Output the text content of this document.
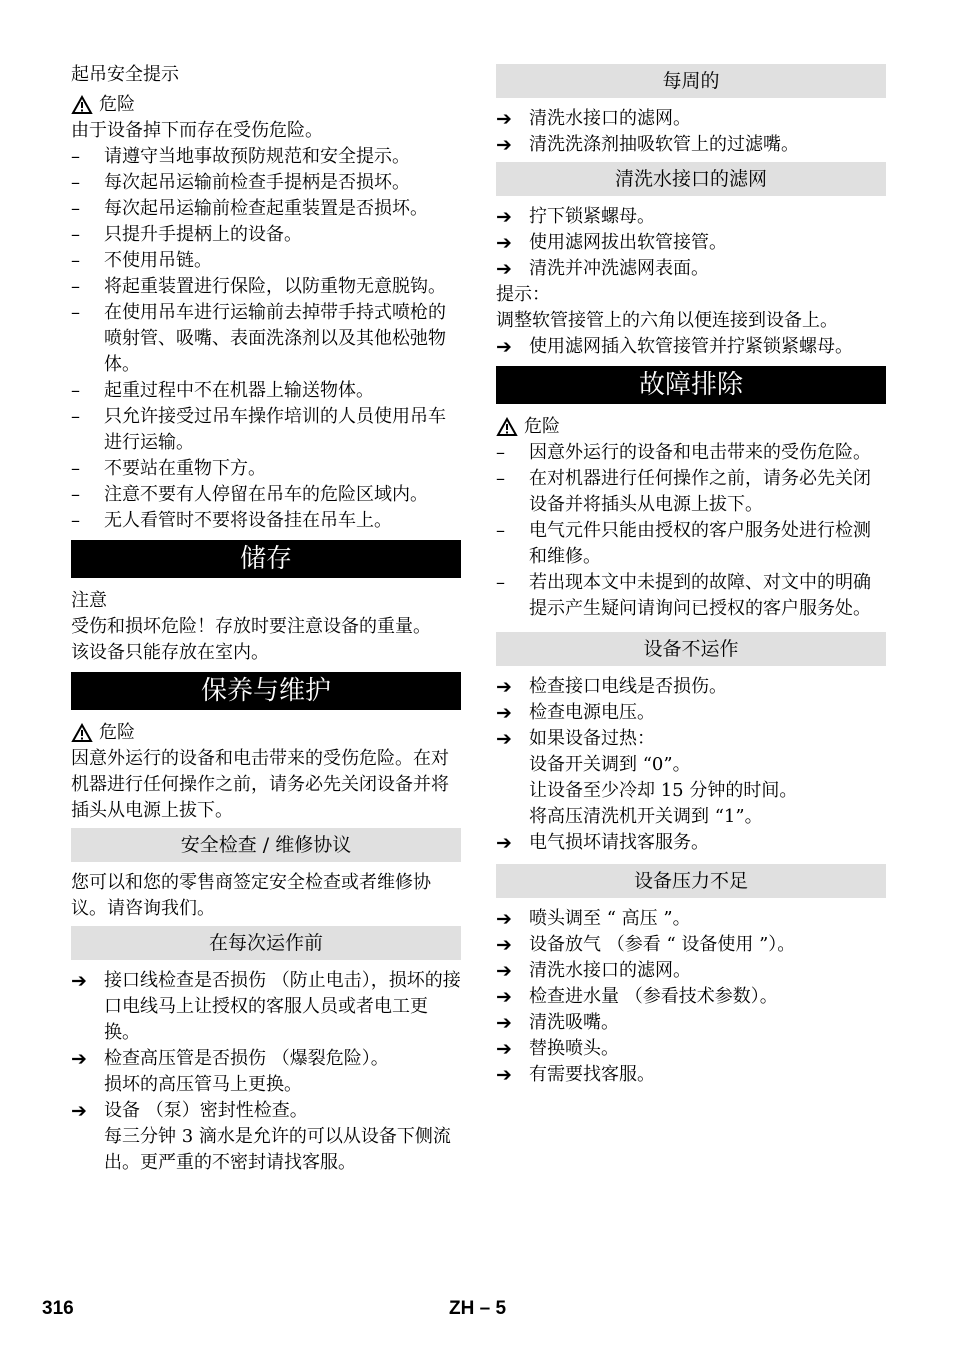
起吊安全提示

危险

由于设备掉下而存在受伤危险。

–	请遵守当地事故预防规范和安全提示。
–	每次起吊运输前检查手提柄是否损坏。
–	每次起吊运输前检查起重装置是否损坏。
–	只提升手提柄上的设备。
–	不使用吊链。
–	将起重装置进行保险，以防重物无意脱钩。
–	在使用吊车进行运输前去掉带手持式喷枪的喷射管、吸嘴、表面洗涤剂以及其他松弛物体。
–	起重过程中不在机器上输送物体。
–	只允许接受过吊车操作培训的人员使用吊车进行运输。
–	不要站在重物下方。
–	注意不要有人停留在吊车的危险区域内。
–	无人看管时不要将设备挂在吊车上。
储存

注意

受伤和损坏危险！存放时要注意设备的重量。

该设备只能存放在室内。

保养与维护
危险

因意外运行的设备和电击带来的受伤危险。在对机器进行任何操作之前，请务必先关闭设备并将插头从电源上拔下。

安全检查 / 维修协议

您可以和您的零售商签定安全检查或者维修协议。请咨询我们。

在每次运作前
➔ 接口线检查是否损伤 （防止电击），损坏的接口电线马上让授权的客服人员或者电工更换。
➔ 检查高压管是否损伤 （爆裂危险）。
损坏的高压管马上更换。
➔ 设备 （泵）密封性检查。
每三分钟 3 滴水是允许的可以从设备下侧流出。更严重的不密封请找客服。
每周的
➔ 清洗水接口的滤网。
➔ 清洗洗涤剂抽吸软管上的过滤嘴。
清洗水接口的滤网
➔ 拧下锁紧螺母。
➔ 使用滤网拔出软管接管。
➔ 清洗并冲洗滤网表面。

提示：

调整软管接管上的六角以便连接到设备上。

➔ 使用滤网插入软管接管并拧紧锁紧螺母。
故障排除
危险
–	因意外运行的设备和电击带来的受伤危险。
–	在对机器进行任何操作之前，请务必先关闭设备并将插头从电源上拔下。
–	电气元件只能由授权的客户服务处进行检测和维修。
–	若出现本文中未提到的故障、对文中的明确提示产生疑问请询问已授权的客户服务处。
设备不运作
➔ 检查接口电线是否损伤。
➔ 检查电源电压。
➔ 如果设备过热：
设备开关调到 “0”。
让设备至少冷却 15 分钟的时间。
将高压清洗机开关调到 “1”。
➔ 电气损坏请找客服务。
设备压力不足
➔ 喷头调至 “ 高压 ”。
➔ 设备放气 （参看 “ 设备使用 ”）。
➔ 清洗水接口的滤网。
➔ 检查进水量 （参看技术参数）。
➔ 清洗吸嘴。
➔ 替换喷头。
➔ 有需要找客服。
316	ZH – 5
